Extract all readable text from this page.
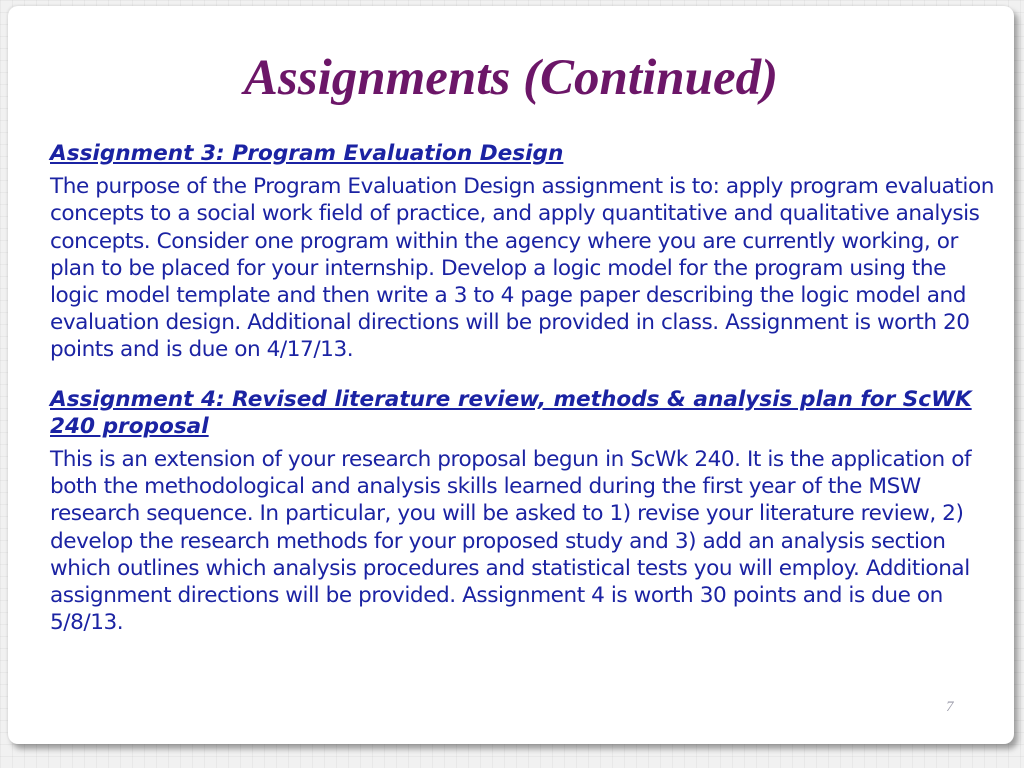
Assignments (Continued)

Assignment 3: Program Evaluation Design

The purpose of the Program Evaluation Design assignment is to: apply program evaluation concepts to a social work field of practice, and apply quantitative and qualitative analysis concepts. Consider one program within the agency where you are currently working, or plan to be placed for your internship. Develop a logic model for the program using the logic model template and then write a 3 to 4 page paper describing the logic model and evaluation design. Additional directions will be provided in class. Assignment is worth 20 points and is due on 4/17/13.

Assignment 4: Revised literature review, methods & analysis plan for ScWK 240 proposal

This is an extension of your research proposal begun in ScWk 240. It is the application of both the methodological and analysis skills learned during the first year of the MSW research sequence. In particular, you will be asked to 1) revise your literature review, 2) develop the research methods for your proposed study and 3) add an analysis section which outlines which analysis procedures and statistical tests you will employ. Additional assignment directions will be provided. Assignment 4 is worth 30 points and is due on 5/8/13.

7
